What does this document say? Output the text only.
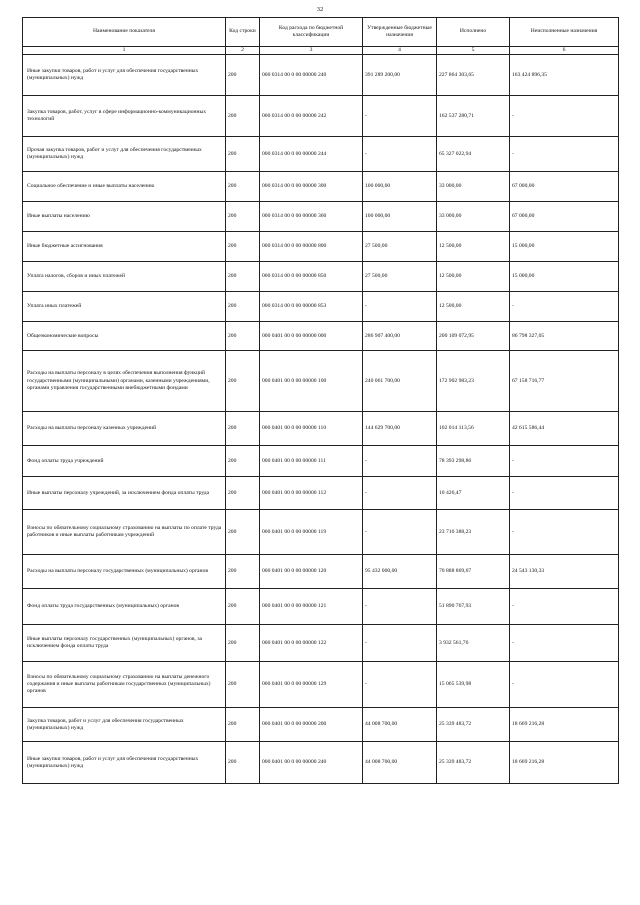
32
Наименование показателя	Код строки	Код расхода по бюджетной классификации	Утвержденные бюджетные назначения	Исполнено	Неисполненные назначения
1	2	3	4	5	6
Иные закупки товаров, работ и услуг для обеспечения государственных (муниципальных) нужд	200	000 0314 00 0 00 00000 240	391 289 200,00	227 864 303,65	163 424 896,35
Закупка товаров, работ, услуг в сфере информационно-коммуникационных технологий	200	000 0314 00 0 00 00000 242	-	162 537 280,71	-
Прочая закупка товаров, работ и услуг для обеспечения государственных (муниципальных) нужд	200	000 0314 00 0 00 00000 244	-	65 327 022,94	-
Социальное обеспечение и иные выплаты населению	200	000 0314 00 0 00 00000 300	100 000,00	33 000,00	67 000,00
Иные выплаты населению	200	000 0314 00 0 00 00000 360	100 000,00	33 000,00	67 000,00
Иные бюджетные ассигнования	200	000 0314 00 0 00 00000 800	27 500,00	12 500,00	15 000,00
Уплата налогов, сборов и иных платежей	200	000 0314 00 0 00 00000 850	27 500,00	12 500,00	15 000,00
Уплата иных платежей	200	000 0314 00 0 00 00000 853	-	12 500,00	-
Общеэкономические вопросы	200	000 0401 00 0 00 00000 000	286 907 400,00	200 109 072,95	86 798 327,05
Расходы на выплаты персоналу в целях обеспечения выполнения функций государственными (муниципальными) органами, казенными учреждениями, органами управления государственными внебюджетными фондами	200	000 0401 00 0 00 00000 100	240 061 700,00	172 902 983,23	67 158 716,77
Расходы на выплаты персоналу казенных учреждений	200	000 0401 00 0 00 00000 110	144 629 700,00	102 014 113,56	42 615 586,44
Фонд оплаты труда учреждений	200	000 0401 00 0 00 00000 111	-	78 393 298,86	-
Иные выплаты персоналу учреждений, за исключением фонда оплаты труда	200	000 0401 00 0 00 00000 112	-	10 426,47	-
Взносы по обязательному социальному страхованию на выплаты по оплате труда работников и иные выплаты работникам учреждений	200	000 0401 00 0 00 00000 119	-	23 710 388,23	-
Расходы на выплаты персоналу государственных (муниципальных) органов	200	000 0401 00 0 00 00000 120	95 432 000,00	70 888 869,67	24 543 130,33
Фонд оплаты труда государственных (муниципальных) органов	200	000 0401 00 0 00 00000 121	-	51 890 767,93	-
Иные выплаты персоналу государственных (муниципальных) органов, за исключением фонда оплаты труда	200	000 0401 00 0 00 00000 122	-	3 932 561,76	-
Взносы по обязательному социальному страхованию на выплаты денежного содержания и иные выплаты работникам государственных (муниципальных) органов	200	000 0401 00 0 00 00000 129	-	15 065 539,98	-
Закупка товаров, работ и услуг для обеспечения государственных (муниципальных) нужд	200	000 0401 00 0 00 00000 200	44 008 700,00	25 339 483,72	18 669 216,28
Иные закупки товаров, работ и услуг для обеспечения государственных (муниципальных) нужд	200	000 0401 00 0 00 00000 240	44 008 700,00	25 339 483,72	18 669 216,28
